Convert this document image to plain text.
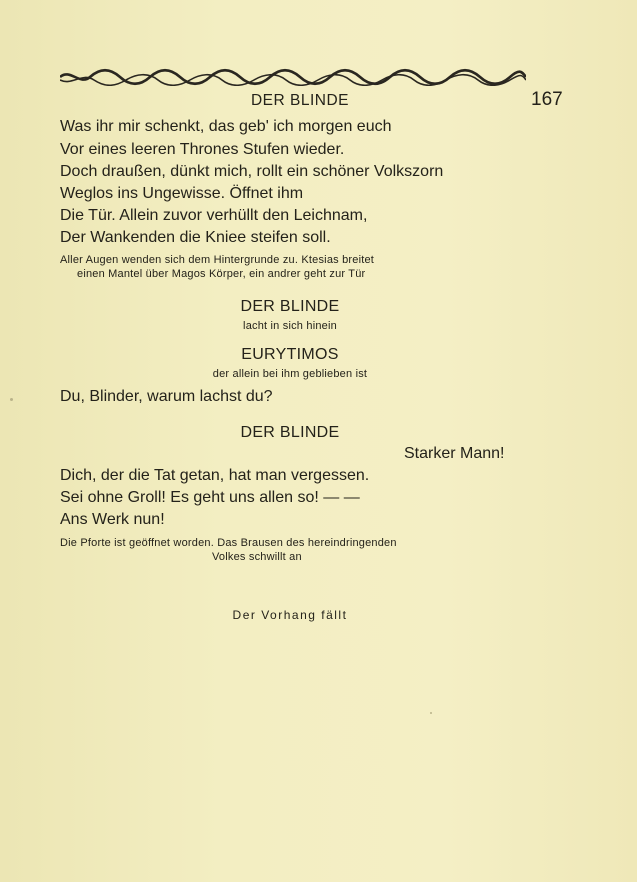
DER BLINDE	167
Was ihr mir schenkt, das geb' ich morgen euch
Vor eines leeren Thrones Stufen wieder.
Doch draußen, dünkt mich, rollt ein schöner Volkszorn
Weglos ins Ungewisse. Öffnet ihm
Die Tür. Allein zuvor verhüllt den Leichnam,
Der Wankenden die Kniee steifen soll.
Aller Augen wenden sich dem Hintergrunde zu. Ktesias breitet
einen Mantel über Magos Körper, ein andrer geht zur Tür
DER BLINDE
lacht in sich hinein
EURYTIMOS
der allein bei ihm geblieben ist
Du, Blinder, warum lachst du?
DER BLINDE
Starker Mann!
Dich, der die Tat getan, hat man vergessen.
Sei ohne Groll! Es geht uns allen so! — —
Ans Werk nun!
Die Pforte ist geöffnet worden. Das Brausen des hereindringenden
Volkes schwillt an
Der Vorhang fällt
